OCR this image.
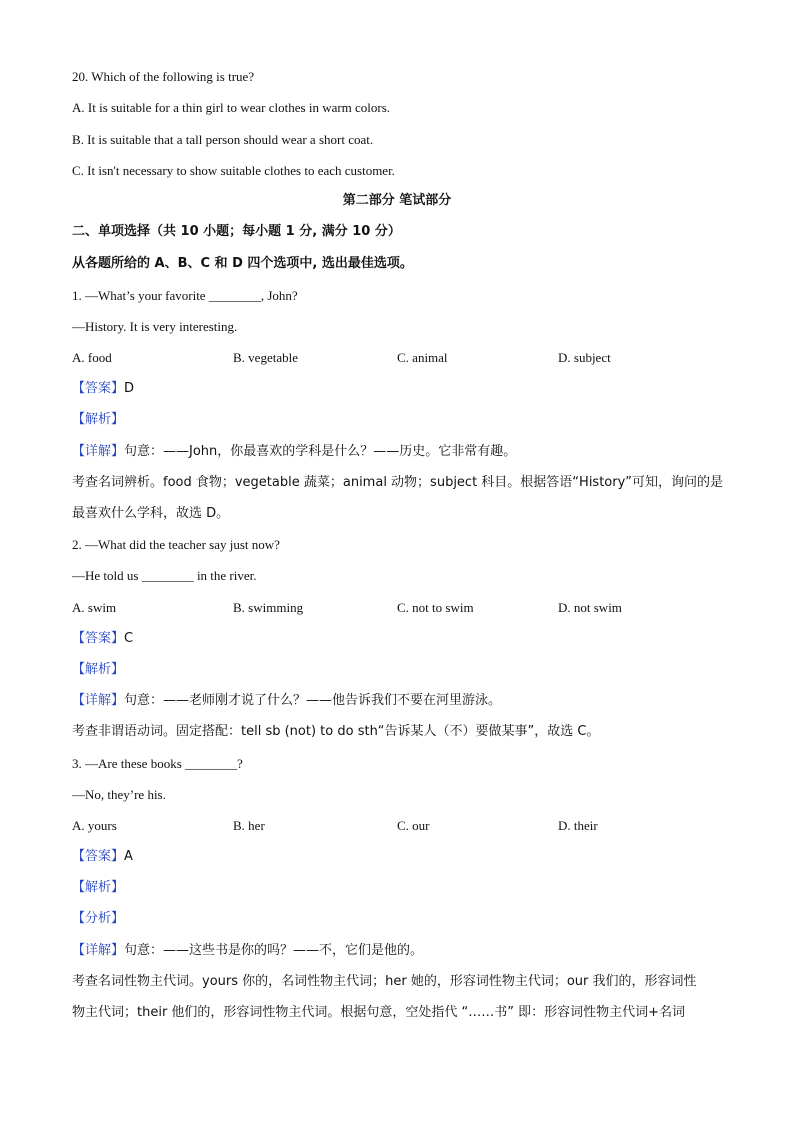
20. Which of the following is true?
A. It is suitable for a thin girl to wear clothes in warm colors.
B. It is suitable that a tall person should wear a short coat.
C. It isn't necessary to show suitable clothes to each customer.
第二部分 笔试部分
二、单项选择（共 10 小题；每小题 1 分, 满分 10 分）
从各题所给的 A、B、C 和 D 四个选项中, 选出最佳选项。
1. —What’s your favorite ________, John?
—History. It is very interesting.
A. food	B. vegetable	C. animal	D. subject
【答案】D
【解析】
【详解】句意：——John，你最喜欢的学科是什么？——历史。它非常有趣。
考查名词辨析。food 食物；vegetable 蔬菜；animal 动物；subject 科目。根据答语“History”可知，询问的是
最喜欢什么学科，故选 D。
2. —What did the teacher say just now?
—He told us ________ in the river.
A. swim	B. swimming	C. not to swim	D. not swim
【答案】C
【解析】
【详解】句意：——老师刚才说了什么？——他告诉我们不要在河里游泳。
考查非谓语动词。固定搭配：tell sb (not) to do sth“告诉某人（不）要做某事”，故选 C。
3. —Are these books ________?
—No, they’re his.
A. yours	B. her	C. our	D. their
【答案】A
【解析】
【分析】
【详解】句意：——这些书是你的吗？——不，它们是他的。
考查名词性物主代词。yours 你的，名词性物主代词；her 她的，形容词性物主代词；our 我们的，形容词性
物主代词；their 他们的，形容词性物主代词。根据句意，空处指代 “……书” 即：形容词性物主代词+名词
